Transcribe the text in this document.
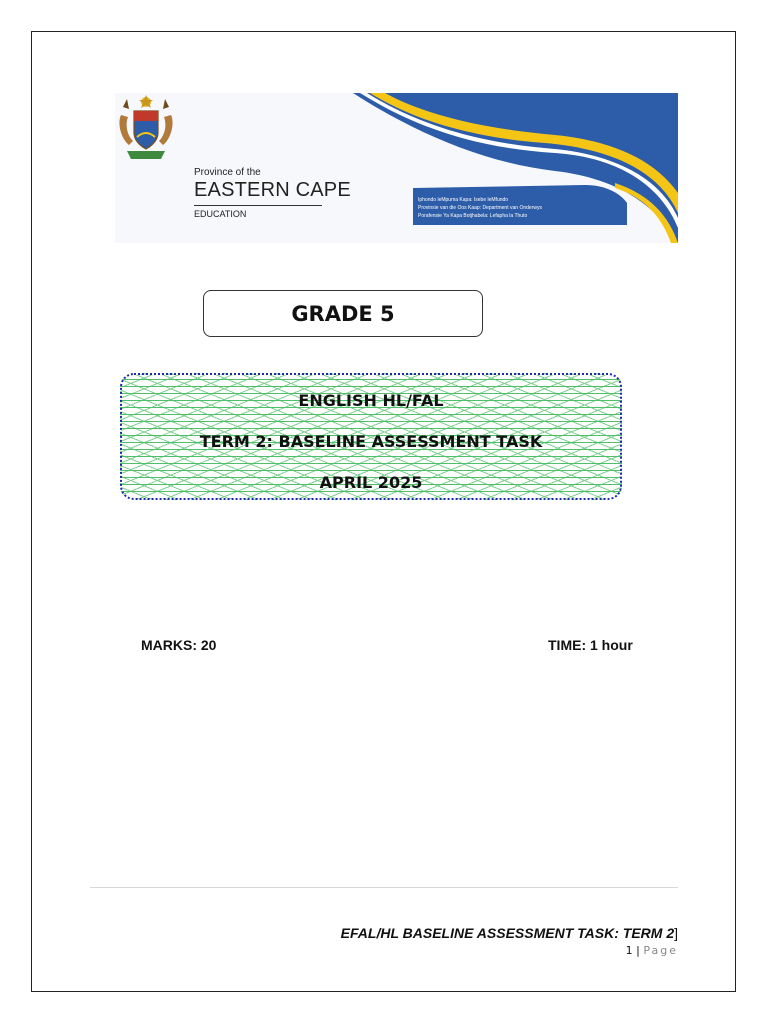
Province of the
EASTERN CAPE
EDUCATION
Iphondo leMpuma Kapa: Isebe leMfundo
Provinsie van die Oos Kaap: Department van Onderwys
Porafensie Ya Kapa Botjhabela: Lefapha la Thuto
GRADE 5
ENGLISH HL/FAL
TERM 2: BASELINE ASSESSMENT TASK
APRIL 2025
MARKS: 20	TIME: 1 hour
EFAL/HL BASELINE ASSESSMENT TASK: TERM 2]
1 | Page
